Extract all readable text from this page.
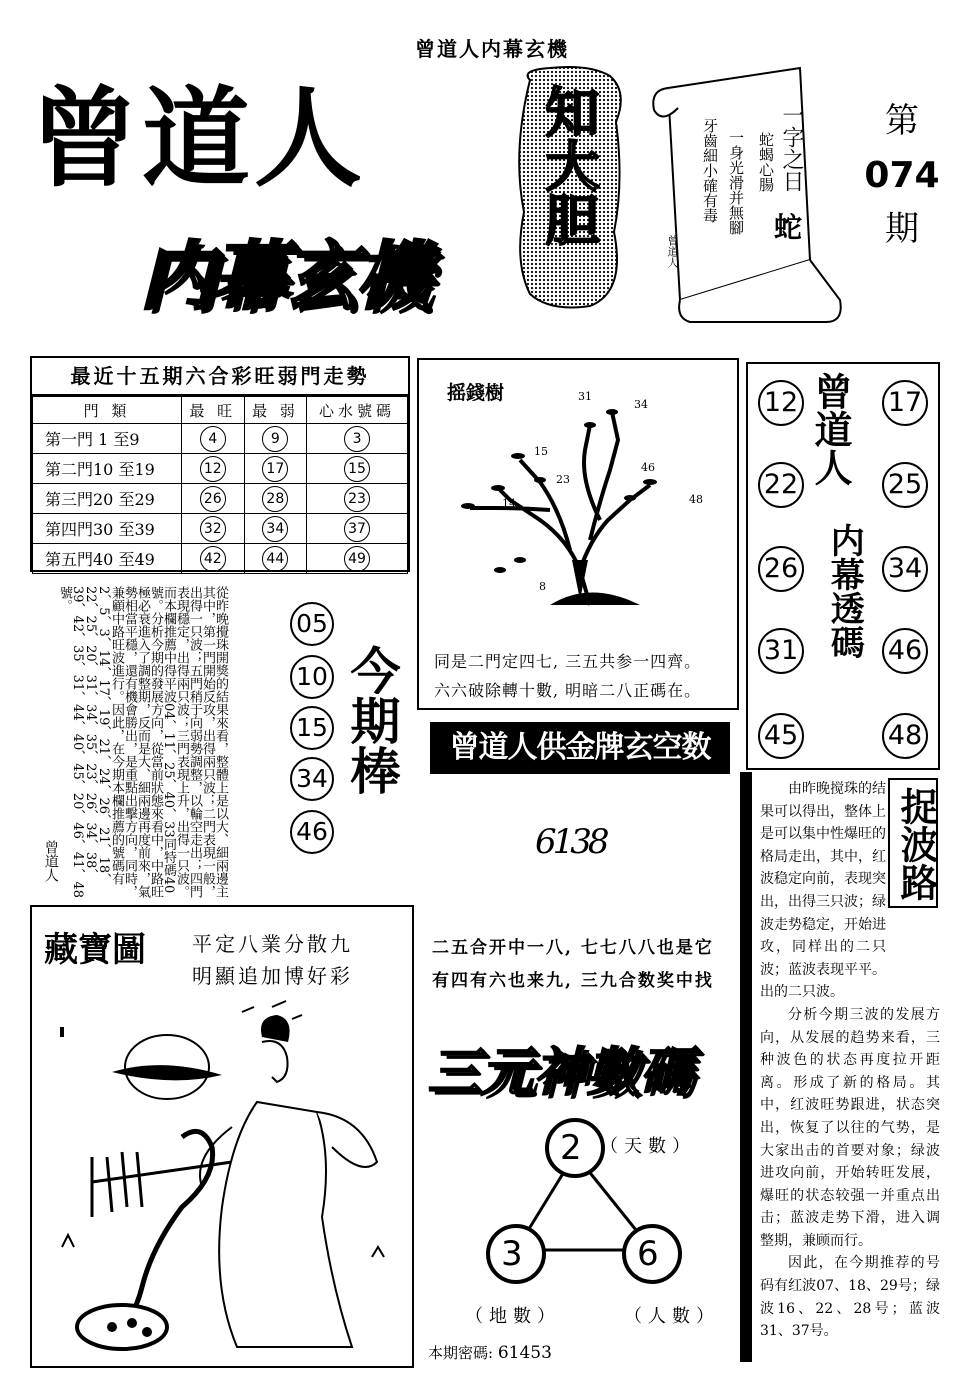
曾道人内幕玄機
曾道人
内幕玄機
知大胆	一字之日
蛇蝎心腸
一身光滑并無腳
牙齒細小確有毒
蛇
曾道人
第
074
期
最近十五期六合彩旺弱門走勢
門 類	最 旺	最 弱	心水號碼
第一門 1 至9	4	9	3
第二門10 至19	12	17	15
第三門20 至29	26	28	23
第四門30 至39	32	34	37
第五門40 至49	42	44	49
摇錢樹	31
34
15
23
46
48
14
8
同是二門定四七, 三五共参一四齊。
六六破除轉十數, 明暗二八正碼在。
12
22
26
31
45
17
25
34
46
48
曾道人
内幕透碼
從昨晚攪珠開獎的結果來看，整體上是以大、細兩邊主其中，第一門開始反攻，出得兩只波；二門表現一般，出得一只波；五門稍于向弱勢調整，以輪空走出；四門表現穩定，出得兩只波；三門表現上升，出得一只波。而本欄推薦中得平波04、11、25、40、33同特碼40號。分析今期的發展方向，從當前狀態來看中，中路旺極必衰進入了調整期，反而是大、細兩邊再度前來，氣勢相當平穩，還有機會勝出，是重點出擊方向，同時，兼顧中路旺波進行。因此，在今期本欄推薦的號碼有2、5、3、14、17、19、21、24、26、21、18、22、25、20、31、34、35、23、26、34、38、39、42、35、31、44、40、45、20、46、41、48號。
曾道人
05
10
15
34
46
今期棒	曾道人供金牌玄空数
6138
二五合开中一八, 七七八八也是它
有四有六也来九, 三九合数奖中找
三元神數碼
2
3	6
（天數）
（地數）	（人數）
本期密碼: 61453
藏寶圖 平定八業分散九
明顯追加博好彩

由昨晚搅珠的结果可以得出，整体上是可以集中性爆旺的格局走出，其中，红波稳定向前，表现突出，出得三只波；绿波走势稳定，开始进攻，同样出的二只波；蓝波表现平平。出的二只波。

分析今期三波的发展方向，从发展的趋势来看，三种波色的状态再度拉开距离。形成了新的格局。其中，红波旺势跟进，状态突出，恢复了以往的气势，是大家出击的首要对象；绿波进攻向前，开始转旺发展，爆旺的状态较强一并重点出击；蓝波走势下滑，进入调整期，兼顾而行。

因此，在今期推荐的号码有红波07、18、29号；绿波16、22、28号；蓝波31、37号。

捉波路
